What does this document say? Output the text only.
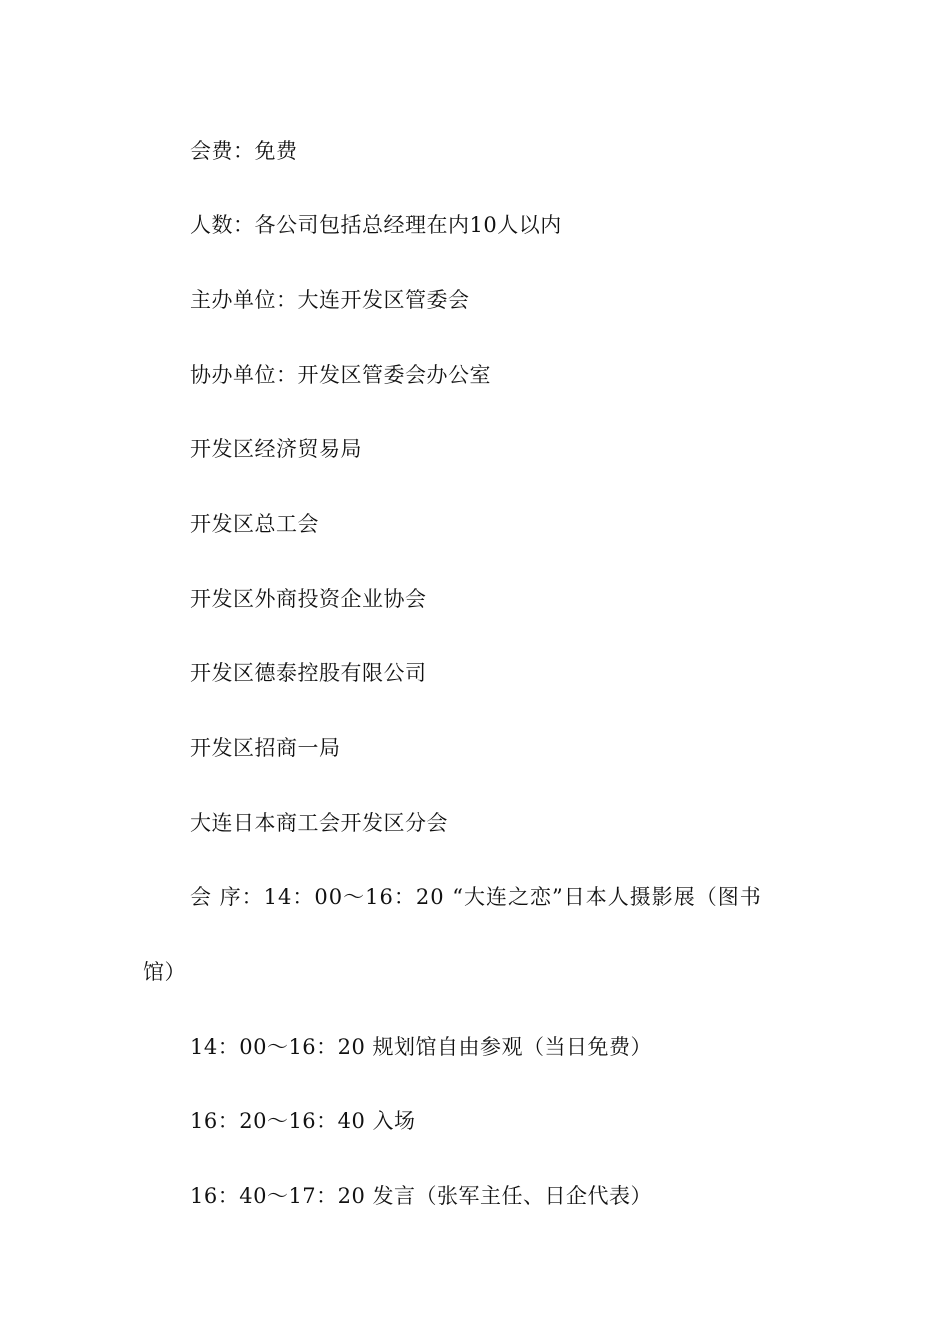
会费：免费
人数：各公司包括总经理在内10人以内
主办单位：大连开发区管委会
协办单位：开发区管委会办公室
开发区经济贸易局
开发区总工会
开发区外商投资企业协会
开发区德泰控股有限公司
开发区招商一局
大连日本商工会开发区分会
会 序：14：00～16：20 “大连之恋”日本人摄影展（图书
馆）
14：00～16：20 规划馆自由参观（当日免费）
16：20～16：40 入场
16：40～17：20 发言（张军主任、日企代表）
